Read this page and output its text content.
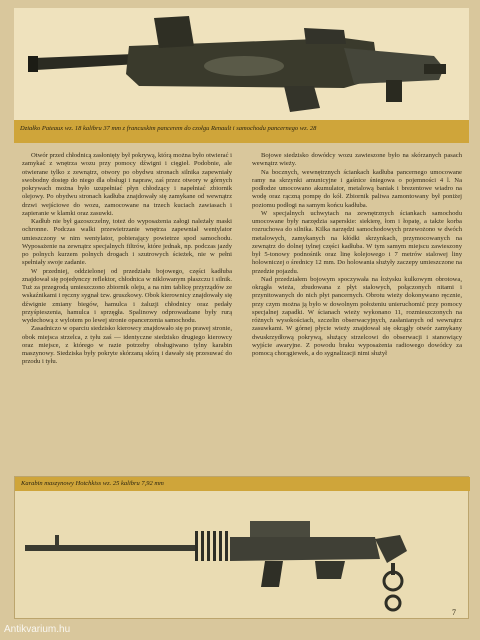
Działko Pateaux wz. 18 kalibru 37 mm z francuskim pancerem do czołgu Renault i samochodu pancernego wz. 28

Otwór przed chłodnicą zasłonięty był pokrywą, którą można było otwierać i zamykać z wnętrza wozu przy pomocy dźwigni i cięgieł. Podobnie, ale otwierane tylko z zewnątrz, otwory po obydwu stronach silnika zapewniały swobodny dostęp do niego dla obsługi i napraw, zaś przez otwory w górnych pokrywach można było uzupełniać płyn chłodzący i napełniać zbiornik olejowy. Po obydwu stronach kadłuba znajdowały się zamykane od wewnątrz drzwi wejściowe do wozu, zamocowane na trzech kuciach zawiasach i zapieranie w klamki oraz zasuwki.

Kadłub nie był gazoszczelny, toteż do wyposażenia załogi należały maski ochronne. Podczas walki przewietrzanie wnętrza zapewniał wentylator umieszczony w nim wentylator, pobierający powietrze spod samochodu. Wyposażenie na zewnątrz specjalnych filtrów, które jednak, np. podczas jazdy po polnych kurzem polnych drogach i szutrowych ścieżek, nie w pełni spełniały swoje zadanie.

W przedniej, oddzielonej od przedziału bojowego, części kadłuba znajdował się pojedynczy reflektor, chłodnica w niklowanym płaszczu i silnik. Tuż za przegrodą umieszczono zbiornik oleju, a na nim tablicę przyrządów ze wskaźnikami i ręczny sygnał tzw. gruszkowy. Obok kierownicy znajdowały się dźwignie zmiany biegów, hamulca i żaluzji chłodnicy oraz pedały przyśpieszenia, hamulca i sprzęgła. Spalinowy odprowadzane były rurą wydechową z wylotem po lewej stronie opancerzenia samochodu.

Zasadniczo w oparciu siedzisko kierowcy znajdowało się po prawej stronie, obok miejsca strzelca, z tyłu zaś — identyczne siedzisko drugiego kierowcy oraz miejsce, z którego w razie potrzeby obsługiwano tylny karabin maszynowy. Siedziska były pokryte skórzaną skórą i dawały się przesuwać do przodu i tyłu.

Bojowe siedzisko dowódcy wozu zawieszone było na skórzanych pasach wewnątrz wieży.

Na bocznych, wewnętrznych ściankach kadłuba pancernego umocowane ramy na skrzynki amunicyjne i gaśnice śniegowa o pojemności 4 l. Na podłodze umocowano akumulator, metalową baniak i brezentowe wiadro na wodę oraz rączną pompę do kół. Zbiornik paliwa zamontowany był poniżej poziomu podłogi na samym końcu kadłuba.

W specjalnych uchwytach na zewnętrznych ściankach samochodu umocowane były narzędzia saperskie: siekierę, łom i łopatę, a także korba rozruchowa do silnika. Kilka narzędzi samochodowych przewożono w dwóch metalowych, zamykanych na kłódki skrzynkach, przymocowanych na zewnątrz do dolnej tylnej części kadłuba. W tym samym miejscu zawieszony był 5-tonowy podnośnik oraz linę kolejowego i 7 metrów stalowej liny holowniczej o średnicy 12 mm. Do holowania służyły zaczepy umieszczone na przedzie pojazdu.

Nad przedziałem bojowym spoczywała na łożysku kulkowym obrotowa, okrągła wieża, zbudowana z płyt stalowych, połączonych nitami i przynitowanych do nich płyt pancernych. Obrotu wieży dokonywano ręcznie, przy czym można ją było w dowolnym położeniu unieruchomić przy pomocy specjalnej zapadki. W ścianach wieży wykonano 11, rozmieszczonych na różnych wysokościach, szczelin obserwacyjnych, zasłanianych od wewnątrz zasuwkami. W górnej płycie wieży znajdował się okrągły otwór zamykany dwuskrzydłową pokrywą, służący strzelcowi do obserwacji i stanowiący wyjście awaryjne. Z powodu braku wyposażenia radiowego dowódcy za pomocą chorągiewek, a do sygnalizacji nimi służył

Karabin maszynowy Hotchkiss wz. 25 kalibru 7,92 mm
7
Antikvarium.hu
